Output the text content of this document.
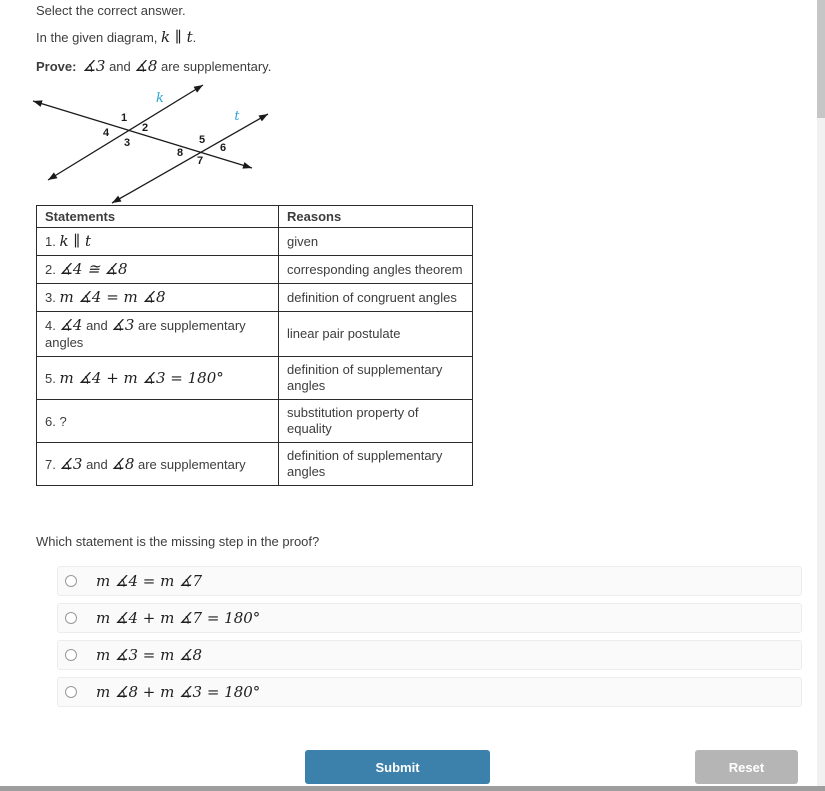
Select the correct answer.
In the given diagram, k ∥ t.
Prove: ∡3 and ∡8 are supplementary.
k
t
1
2
3
4
5
6
7
8
Statements	Reasons
1. k ∥ t	given
2. ∡4 ≅ ∡8	corresponding angles theorem
3. m ∡4 = m ∡8	definition of congruent angles
4. ∡4 and ∡3 are supplementary angles	linear pair postulate
5. m ∡4 + m ∡3 = 180°	definition of supplementary angles
6. ?	substitution property of equality
7. ∡3 and ∡8 are supplementary	definition of supplementary angles
Which statement is the missing step in the proof?
m ∡4 = m ∡7
m ∡4 + m ∡7 = 180°
m ∡3 = m ∡8
m ∡8 + m ∡3 = 180°
Submit	Reset
